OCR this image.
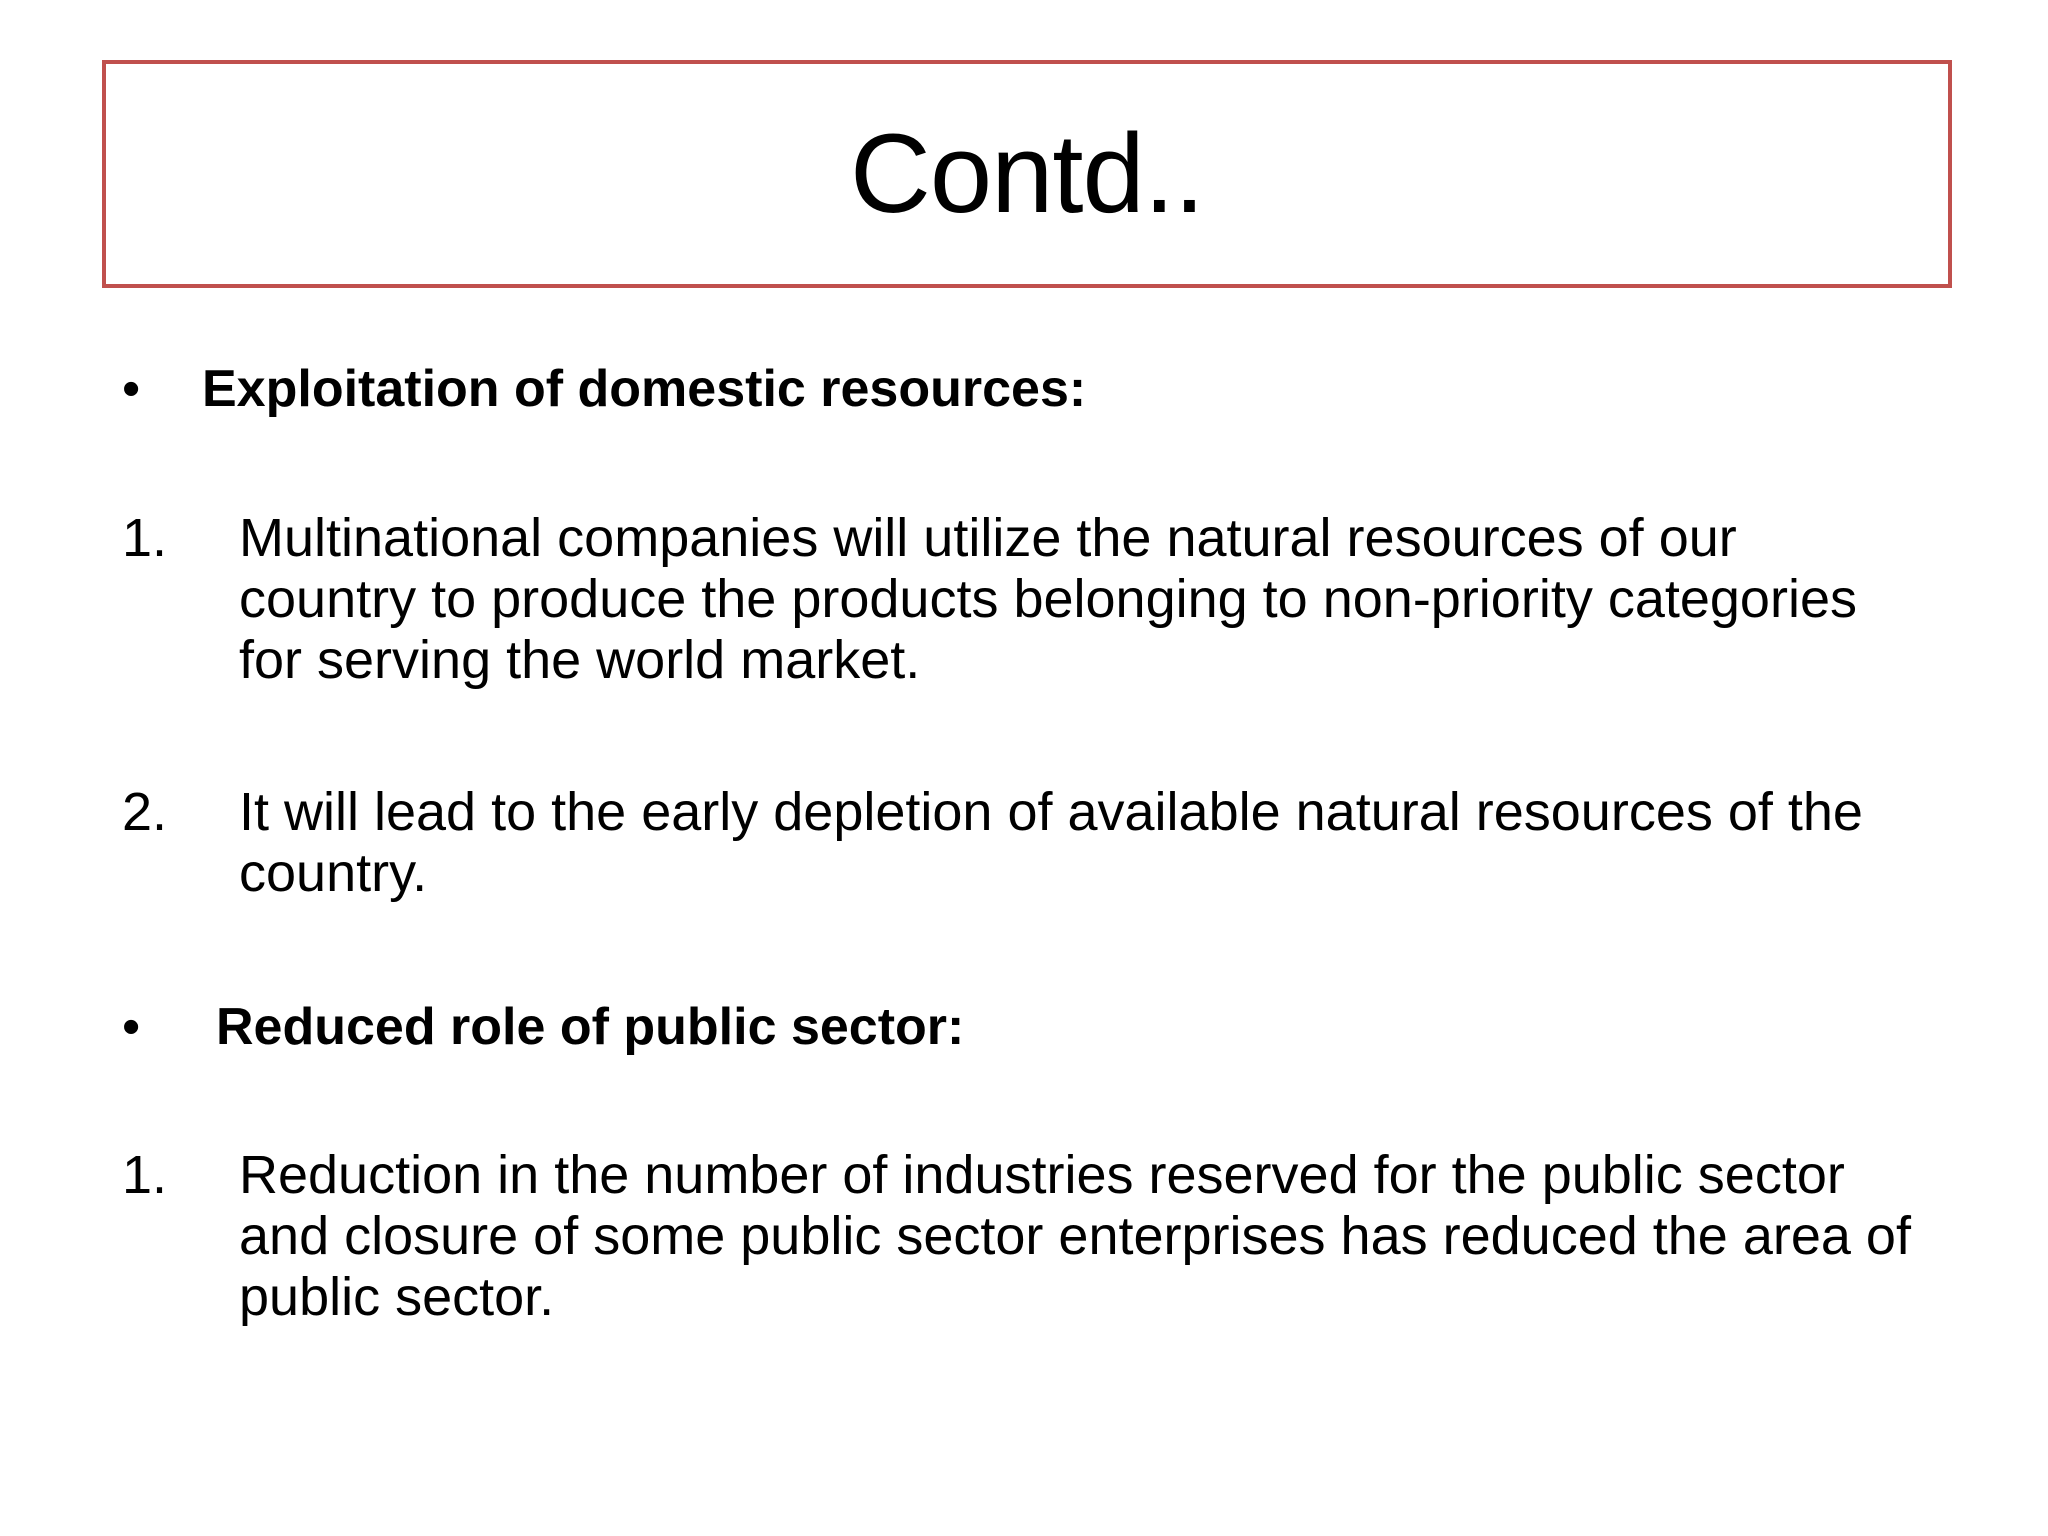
Contd..
•	Exploitation of domestic resources:
1.	Multinational companies will utilize the natural resources of our country to produce the products belonging to non-priority categories for serving the world market.
2.	It will lead to the early depletion of available natural resources of the country.
•	Reduced role of public sector:
1.	Reduction in the number of industries reserved for the public sector and closure of some public sector enterprises has reduced the area of public sector.
